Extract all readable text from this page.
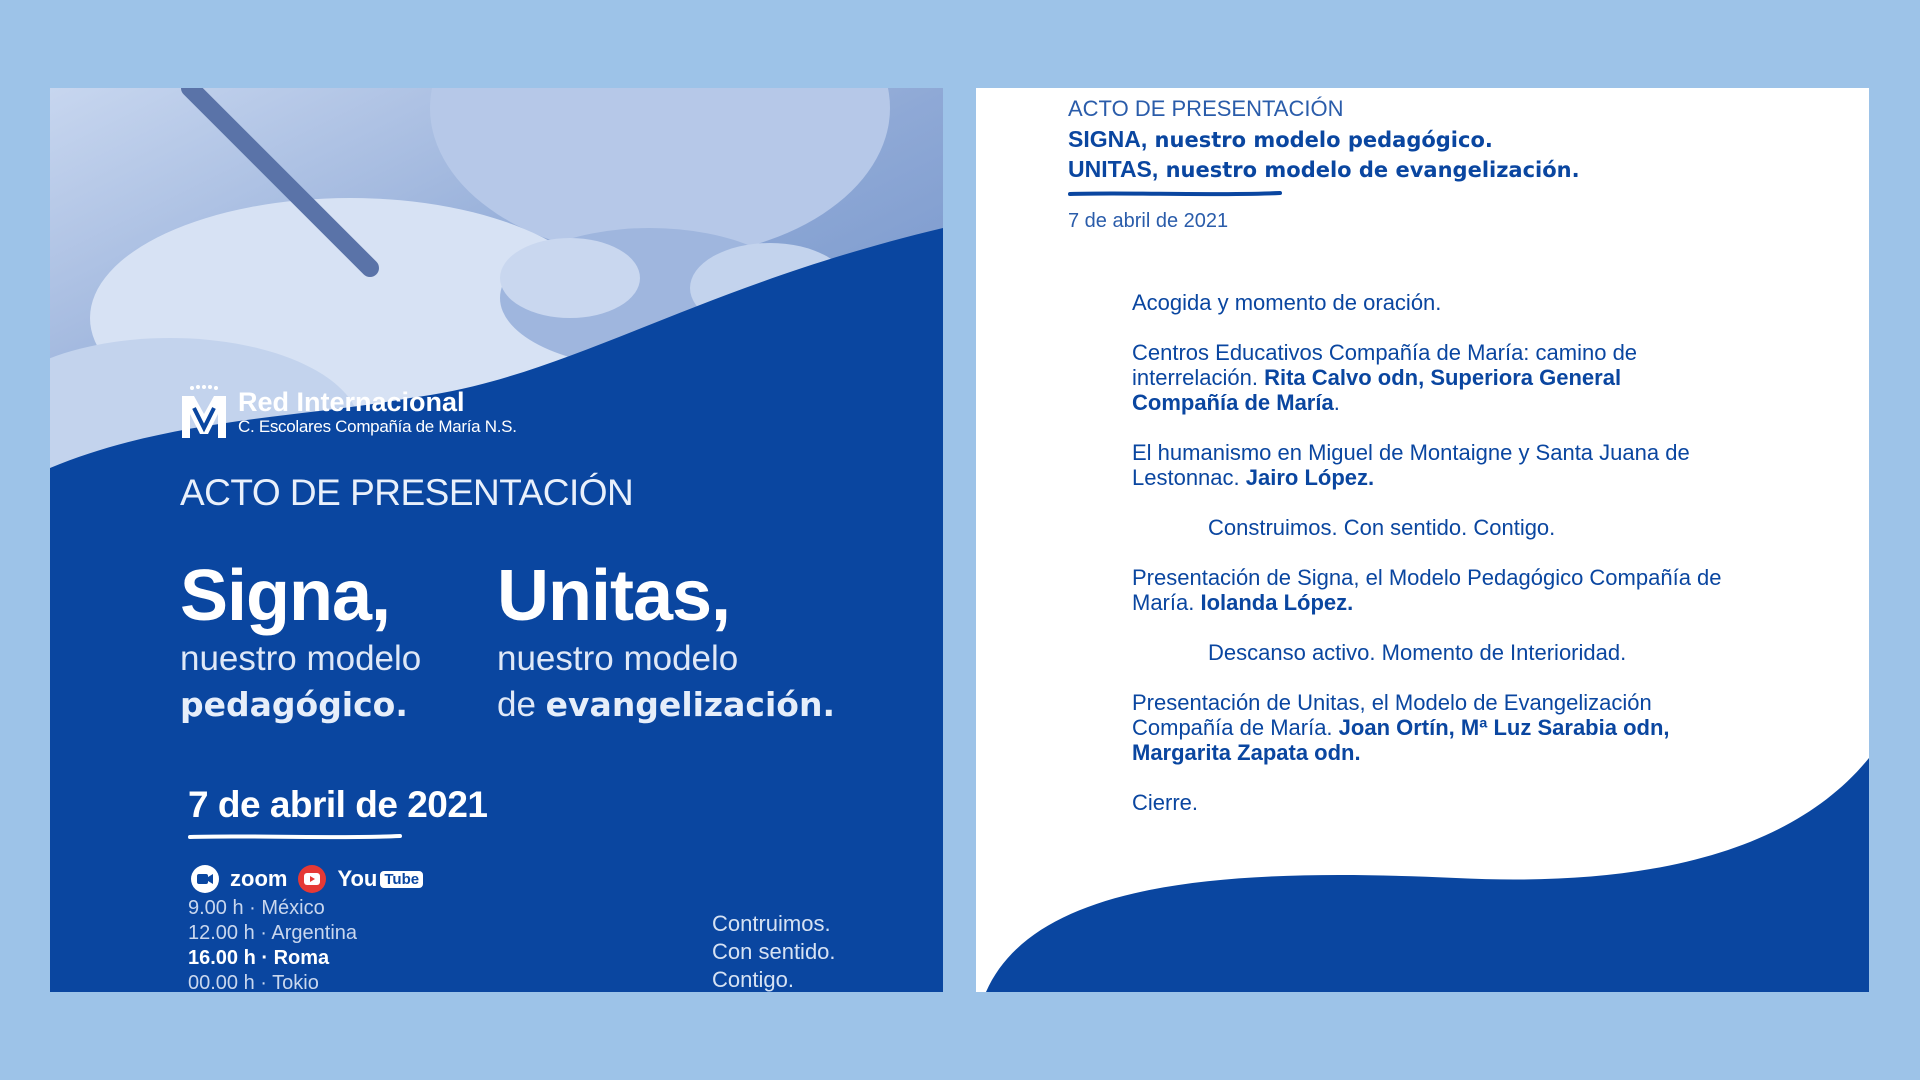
Red Internacional
C. Escolares Compañía de María N.S.
ACTO DE PRESENTACIÓN
Signa,
nuestro modelo
pedagógico.
Unitas,
nuestro modelo
de evangelización.
7 de abril de 2021
zoom You Tube
9.00 h · México
12.00 h · Argentina
16.00 h · Roma
00.00 h · Tokio
Contruimos.
Con sentido.
Contigo.
ACTO DE PRESENTACIÓN
SIGNA, nuestro modelo pedagógico.
UNITAS, nuestro modelo de evangelización.
7 de abril de 2021
Acogida y momento de oración.
Centros Educativos Compañía de María: camino de interrelación. Rita Calvo odn, Superiora General Compañía de María.
El humanismo en Miguel de Montaigne y Santa Juana de Lestonnac. Jairo López.
Construimos. Con sentido. Contigo.
Presentación de Signa, el Modelo Pedagógico Compañía de María. Iolanda López.
Descanso activo. Momento de Interioridad.
Presentación de Unitas, el Modelo de Evangelización Compañía de María. Joan Ortín, Mª Luz Sarabia odn, Margarita Zapata odn.
Cierre.
